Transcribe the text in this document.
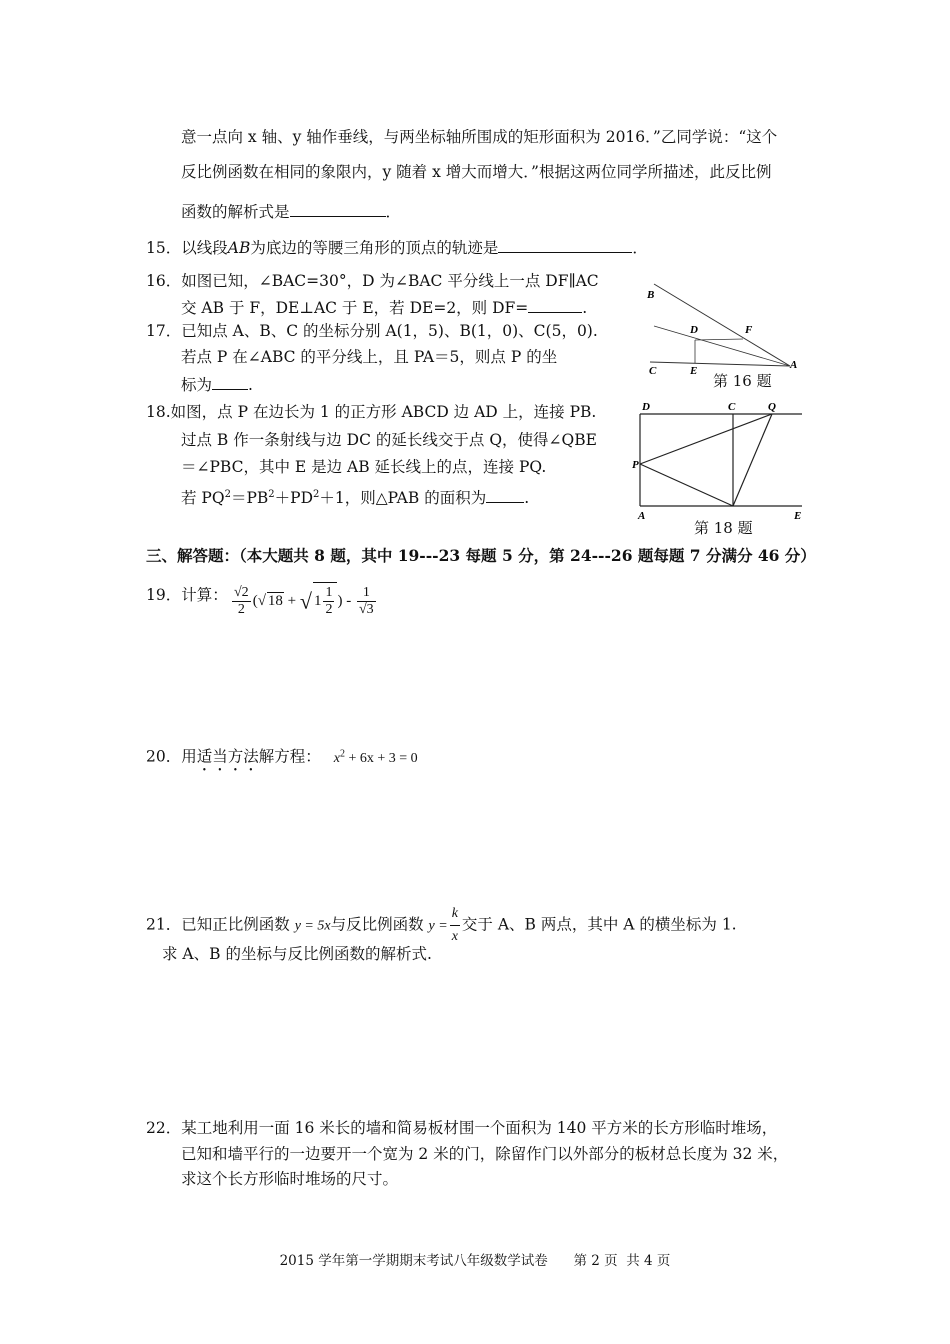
意一点向 x 轴、y 轴作垂线，与两坐标轴所围成的矩形面积为 2016．”乙同学说：“这个
反比例函数在相同的象限内，y 随着 x 增大而增大．”根据这两位同学所描述，此反比例
函数的解析式是	．
15．以线段AB为底边的等腰三角形的顶点的轨迹是	．
16．如图已知，∠BAC=30°，D 为∠BAC 平分线上一点 DF∥AC
交 AB 于 F，DE⊥AC 于 E，若 DE=2，则 DF=	.
17．已知点 A、B、C 的坐标分别 A(1，5)、B(1，0)、C(5，0).
若点 P 在∠ABC 的平分线上，且 PA＝5，则点 P 的坐
标为 .
18.如图，点 P 在边长为 1 的正方形 ABCD 边 AD 上，连接 PB.
过点 B 作一条射线与边 DC 的延长线交于点 Q，使得∠QBE
＝∠PBC，其中 E 是边 AB 延长线上的点，连接 PQ.
若 $PQ^2=PB^2+PD^2+1$，则△PAB 的面积为 .
B
D	F
C	E	A
第 16 题
D	C	Q
P
A	E
第 18 题
三、解答题：（本大题共 8 题，其中 19---23 每题 5 分，第 24---26 题每题 7 分满分 46 分）
19．计算： $\frac{√2}{2}$ (√ 18 + √ $1 \frac{1}{2}$ ) - $\frac{1}{√3}$
20．用适当方法解方程： $x^2 + 6x + 3 = 0$
21．已知正比例函数 y = 5x与反比例函数 $y = \frac{k}{x}$ 交于 A、B 两点，其中 A 的横坐标为 1.
求 A、B 的坐标与反比例函数的解析式.
22．某工地利用一面 16 米长的墙和简易板材围一个面积为 140 平方米的长方形临时堆场，
已知和墙平行的一边要开一个宽为 2 米的门，除留作门以外部分的板材总长度为 32 米，
求这个长方形临时堆场的尺寸。
2015 学年第一学期期末考试八年级数学试卷      第 2 页  共 4 页
